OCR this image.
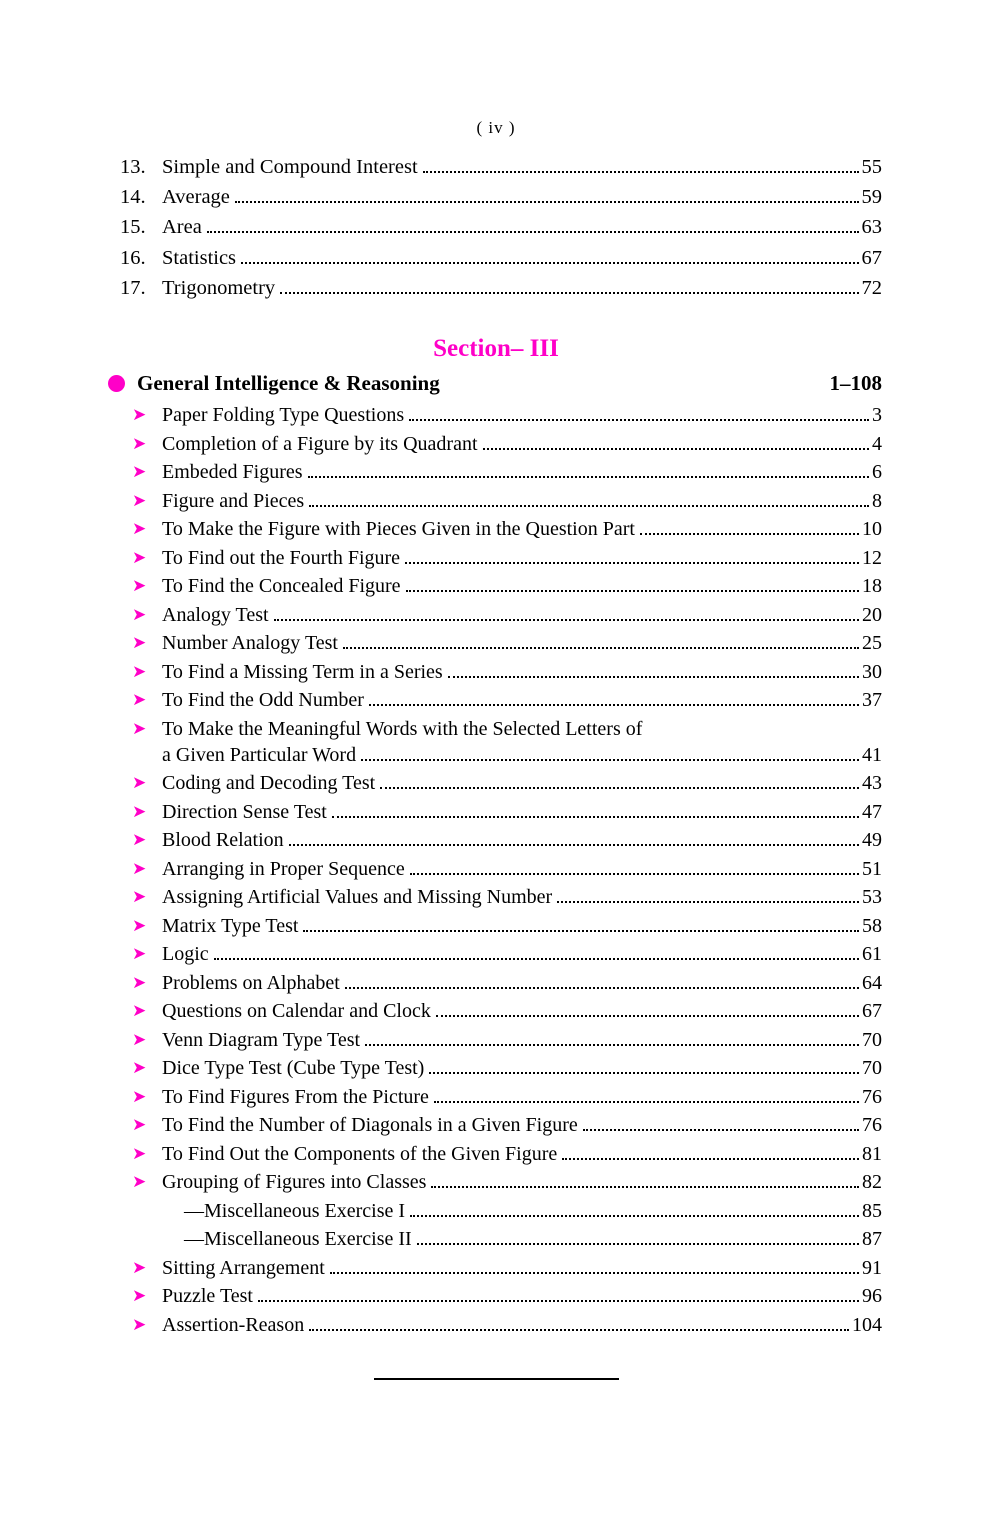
( iv )
13. Simple and Compound Interest	55
14. Average	59
15. Area	63
16. Statistics	67
17. Trigonometry	72
Section– III
General Intelligence & Reasoning	1–108
➤ Paper Folding Type Questions	3
➤ Completion of a Figure by its Quadrant	4
➤ Embeded Figures	6
➤ Figure and Pieces	8
➤ To Make the Figure with Pieces Given in the Question Part	10
➤ To Find out the Fourth Figure	12
➤ To Find the Concealed Figure	18
➤ Analogy Test	20
➤ Number Analogy Test	25
➤ To Find a Missing Term in a Series	30
➤ To Find the Odd Number	37
➤ To Make the Meaningful Words with the Selected Letters of
a Given Particular Word	41
➤ Coding and Decoding Test	43
➤ Direction Sense Test	47
➤ Blood Relation	49
➤ Arranging in Proper Sequence	51
➤ Assigning Artificial Values and Missing Number	53
➤ Matrix Type Test	58
➤ Logic	61
➤ Problems on Alphabet	64
➤ Questions on Calendar and Clock	67
➤ Venn Diagram Type Test	70
➤ Dice Type Test (Cube Type Test)	70
➤ To Find Figures From the Picture	76
➤ To Find the Number of Diagonals in a Given Figure	76
➤ To Find Out the Components of the Given Figure	81
➤ Grouping of Figures into Classes	82
—Miscellaneous Exercise I	85
—Miscellaneous Exercise II	87
➤ Sitting Arrangement	91
➤ Puzzle Test	96
➤ Assertion-Reason	104
